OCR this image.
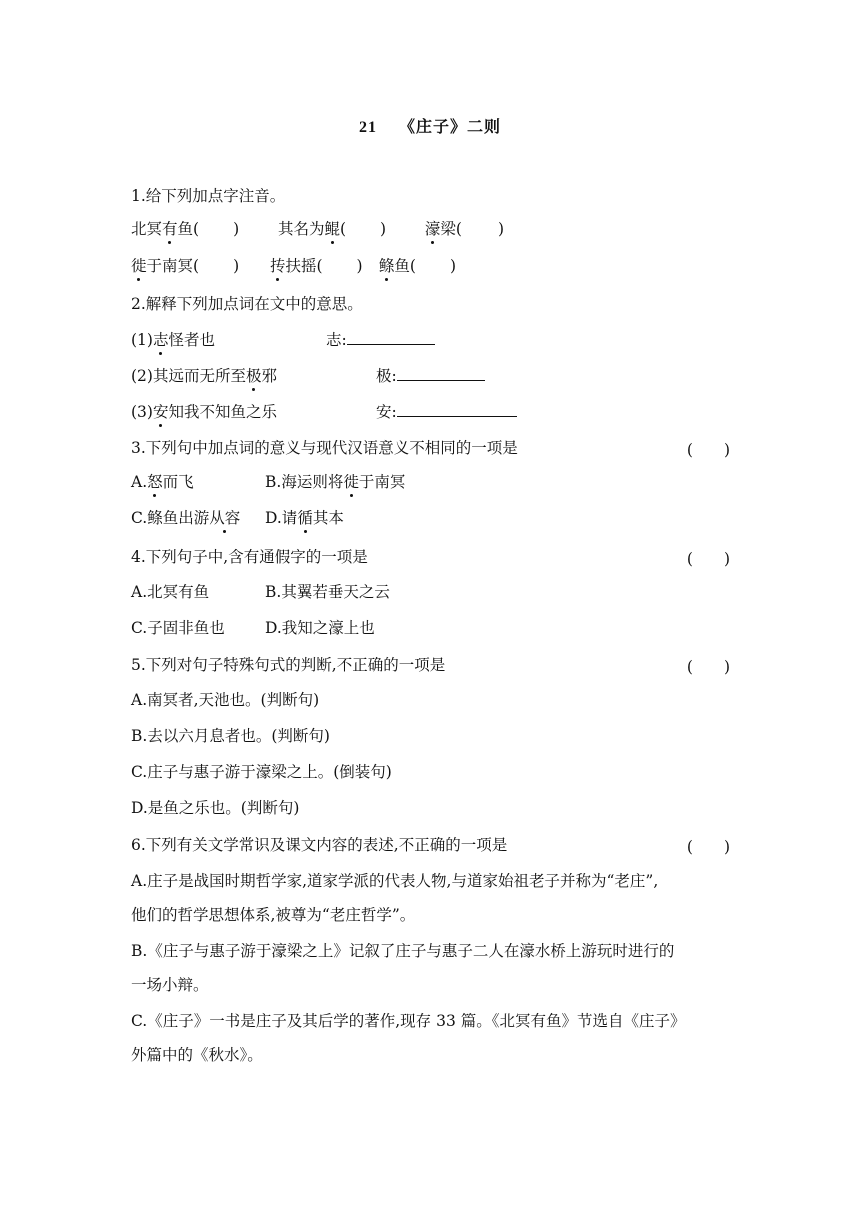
21 《庄子》二则
1.给下列加点字注音。
北冥有鱼( )	其名为鲲( )	濠梁( )
徙于南冥( ) 抟扶摇( ) 鲦鱼( )
2.解释下列加点词在文中的意思。
(1)志怪者也	志:
(2)其远而无所至极邪	极:
(3)安知我不知鱼之乐	安:
3.下列句中加点词的意义与现代汉语意义不相同的一项是	(　　)
A.怒而飞	B.海运则将徙于南冥
C.鲦鱼出游从容 D.请循其本
4.下列句子中,含有通假字的一项是	(　　)
A.北冥有鱼	B.其翼若垂天之云
C.子固非鱼也	D.我知之濠上也
5.下列对句子特殊句式的判断,不正确的一项是	(　　)
A.南冥者,天池也。(判断句)
B.去以六月息者也。(判断句)
C.庄子与惠子游于濠梁之上。(倒装句)
D.是鱼之乐也。(判断句)
6.下列有关文学常识及课文内容的表述,不正确的一项是	(　　)
A.庄子是战国时期哲学家,道家学派的代表人物,与道家始祖老子并称为“老庄”,
他们的哲学思想体系,被尊为“老庄哲学”。
B.《庄子与惠子游于濠梁之上》记叙了庄子与惠子二人在濠水桥上游玩时进行的
一场小辩。
C.《庄子》一书是庄子及其后学的著作,现存 33 篇。《北冥有鱼》节选自《庄子》
外篇中的《秋水》。
